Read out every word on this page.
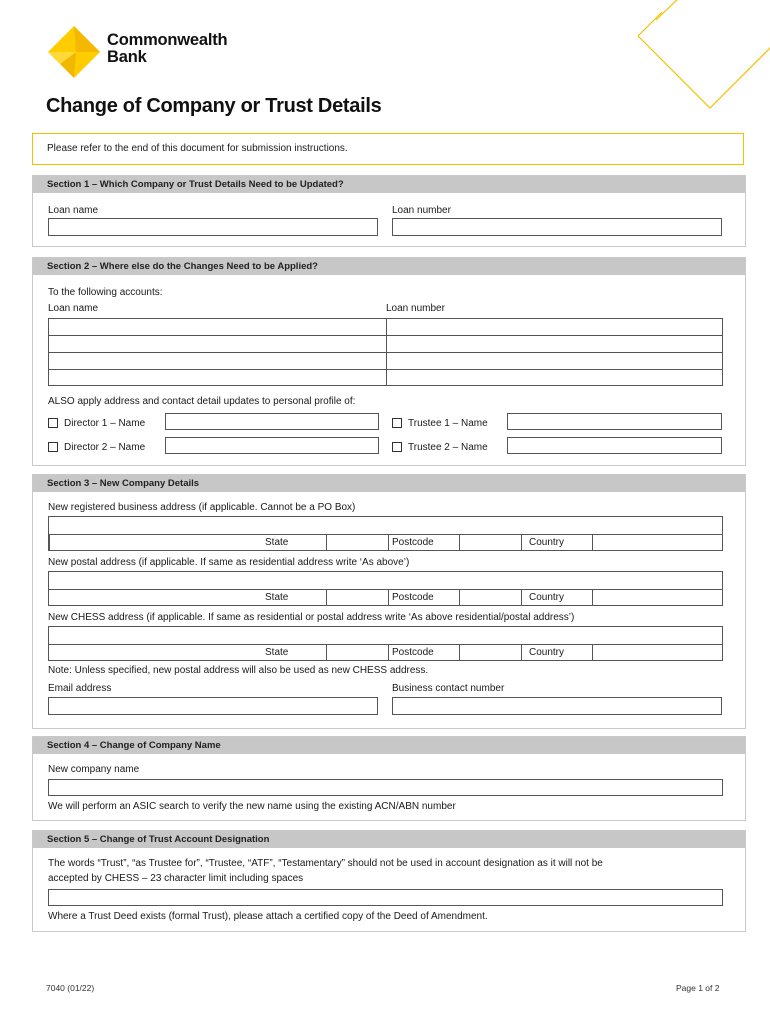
Commonwealth
Bank
Change of Company or Trust Details
Please refer to the end of this document for submission instructions.
Section 1 – Which Company or Trust Details Need to be Updated?
Loan name	Loan number
Section 2 – Where else do the Changes Need to be Applied?
To the following accounts:
Loan name	Loan number
ALSO apply address and contact detail updates to personal profile of:
Director 1 – Name	Trustee 1 – Name
Director 2 – Name	Trustee 2 – Name
Section 3 – New Company Details
New registered business address (if applicable. Cannot be a PO Box)
State	Postcode	Country
New postal address (if applicable. If same as residential address write ‘As above’)
State	Postcode	Country
New CHESS address (if applicable. If same as residential or postal address write ‘As above residential/postal address’)
State	Postcode	Country
Note: Unless specified, new postal address will also be used as new CHESS address.
Email address	Business contact number
Section 4 – Change of Company Name
New company name
We will perform an ASIC search to verify the new name using the existing ACN/ABN number
Section 5 – Change of Trust Account Designation
The words “Trust”, “as Trustee for”, “Trustee, “ATF”, “Testamentary” should not be used in account designation as it will not be
accepted by CHESS – 23 character limit including spaces
Where a Trust Deed exists (formal Trust), please attach a certified copy of the Deed of Amendment.
7040 (01/22)	Page 1 of 2
